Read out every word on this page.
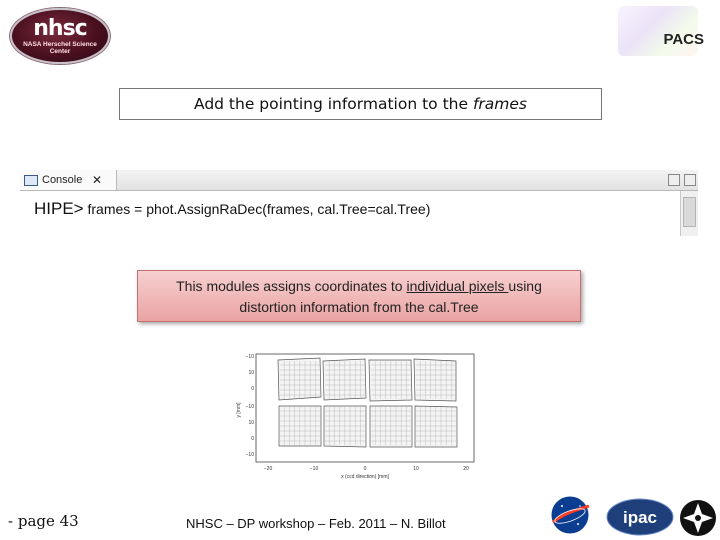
nhsc
NASA Herschel Science Center
PACS
Add the pointing information to the frames
Console ✕
HIPE> frames = phot.AssignRaDec(frames, cal.Tree=cal.Tree)
This modules assigns coordinates to individual pixels using
distortion information from the cal.Tree
−20	−10	0	10	20
x (ccd direction) [mm]
−10
10
0
−10
10
0
−10
y [mm]
- page 43	NHSC – DP workshop – Feb. 2011 – N. Billot	ipac
